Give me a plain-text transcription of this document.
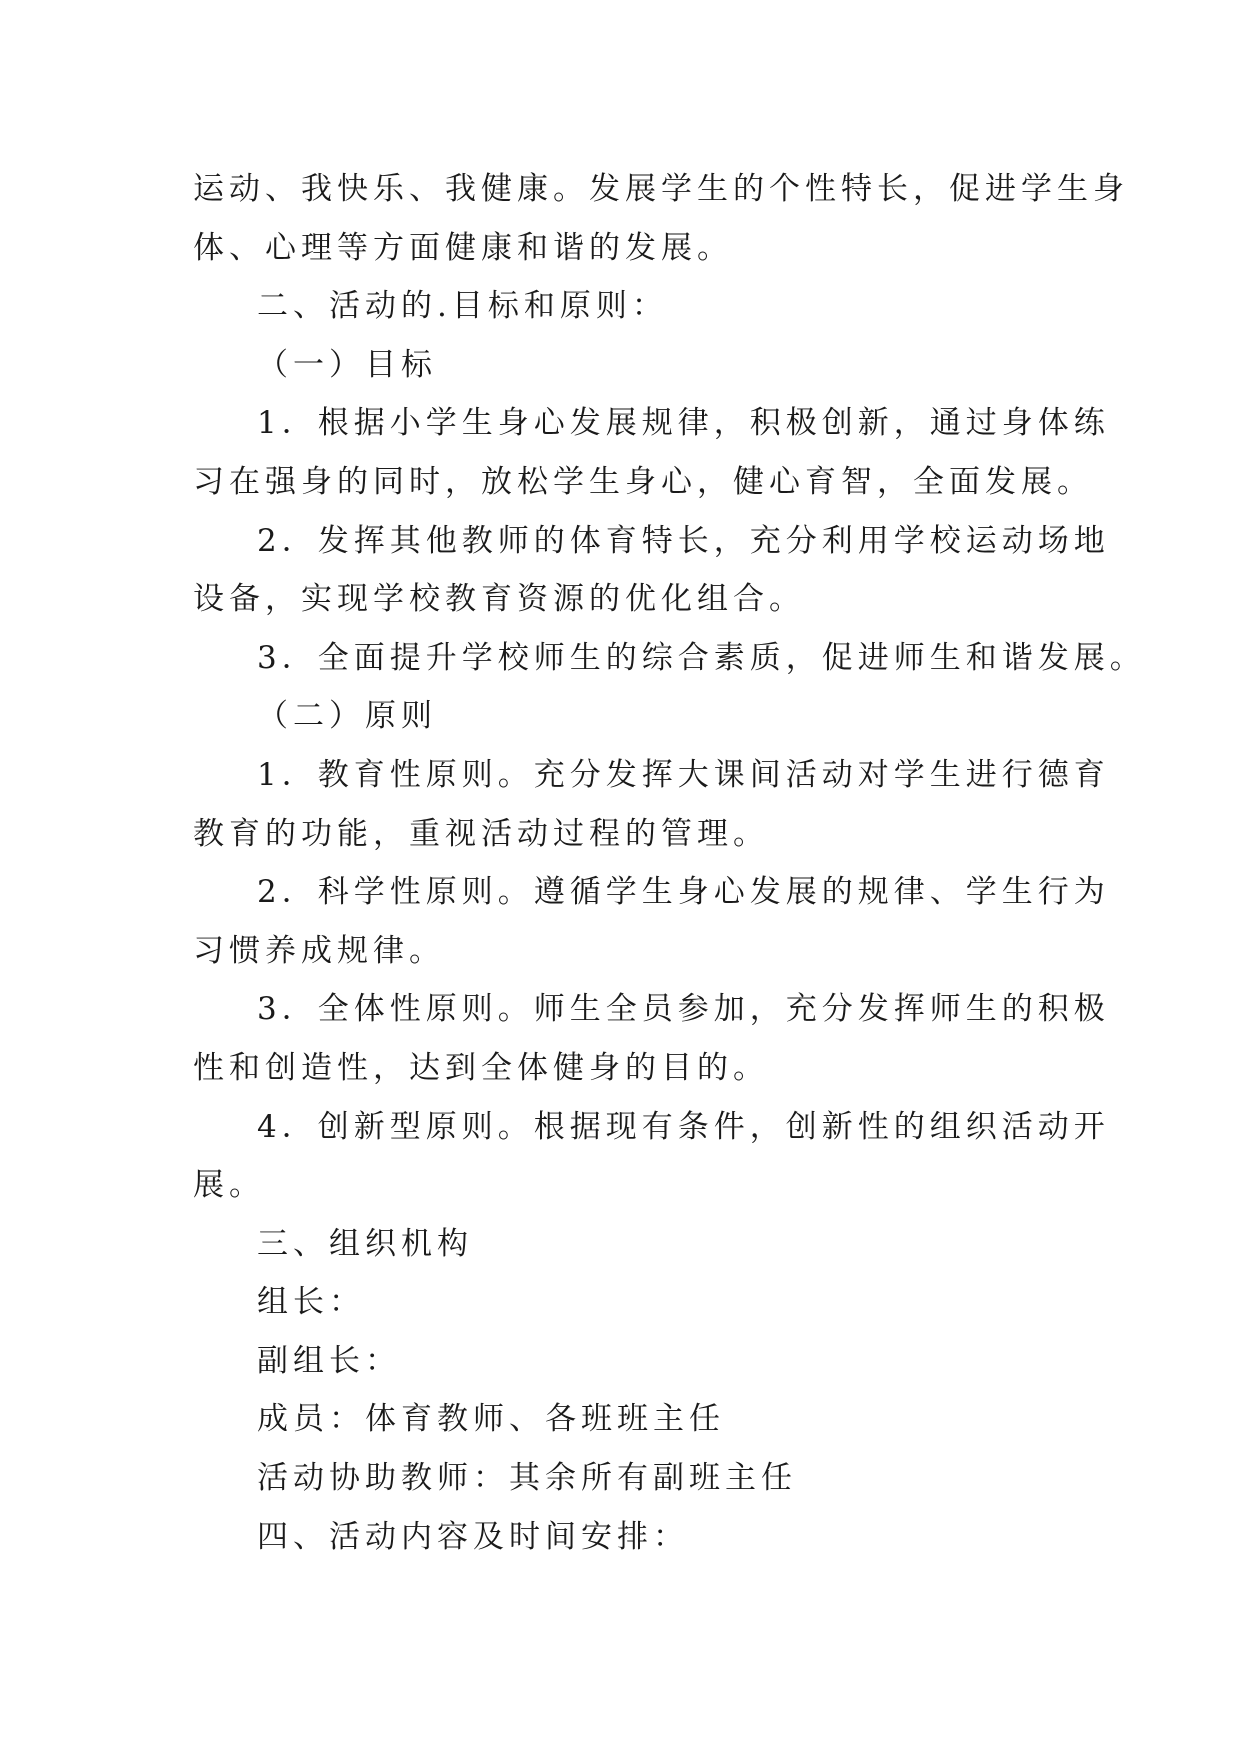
运动、我快乐、我健康。发展学生的个性特长，促进学生身
体、心理等方面健康和谐的发展。
二、活动的.目标和原则：
（一）目标
1．根据小学生身心发展规律，积极创新，通过身体练
习在强身的同时，放松学生身心，健心育智，全面发展。
2．发挥其他教师的体育特长，充分利用学校运动场地
设备，实现学校教育资源的优化组合。
3．全面提升学校师生的综合素质，促进师生和谐发展。
（二）原则
1．教育性原则。充分发挥大课间活动对学生进行德育
教育的功能，重视活动过程的管理。
2．科学性原则。遵循学生身心发展的规律、学生行为
习惯养成规律。
3．全体性原则。师生全员参加，充分发挥师生的积极
性和创造性，达到全体健身的目的。
4．创新型原则。根据现有条件，创新性的组织活动开
展。
三、组织机构
组长：
副组长：
成员：体育教师、各班班主任
活动协助教师：其余所有副班主任
四、活动内容及时间安排：
